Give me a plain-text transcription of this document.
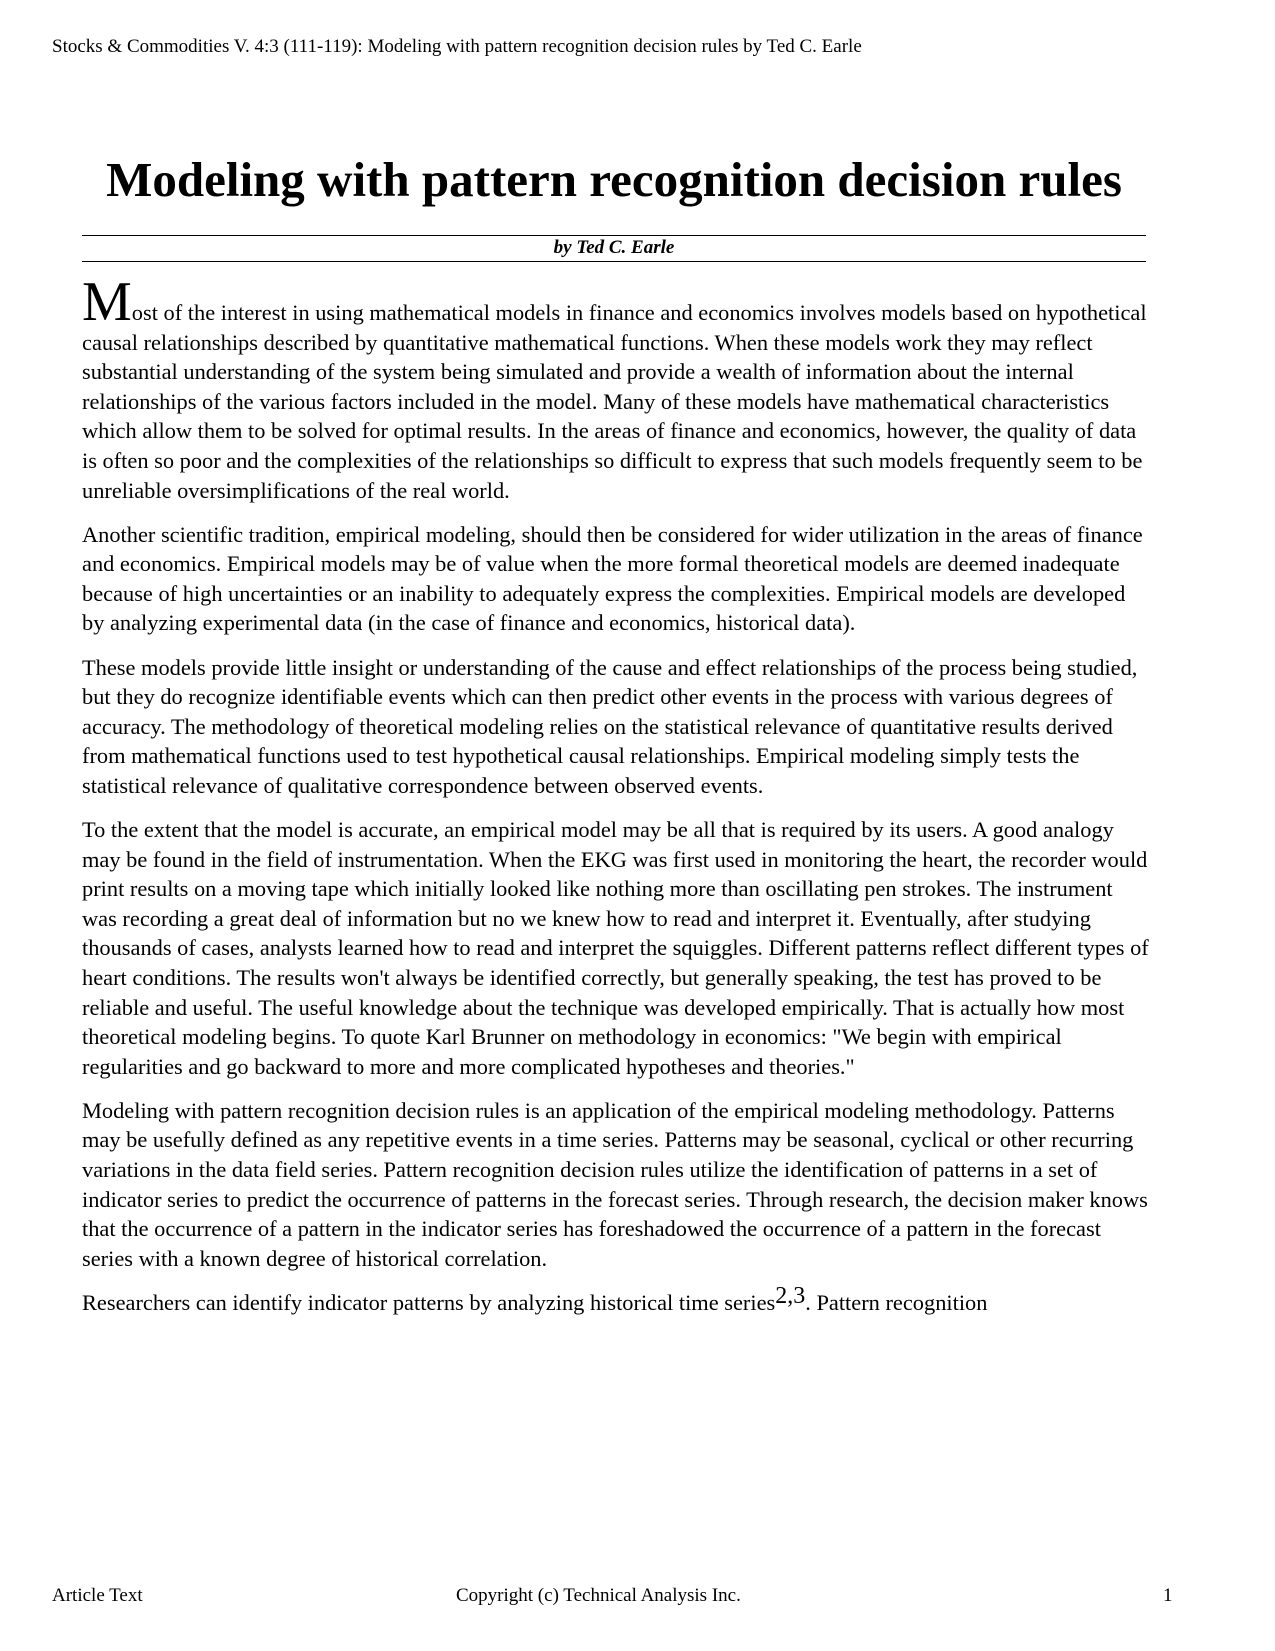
Stocks & Commodities V. 4:3 (111-119): Modeling with pattern recognition decision rules by Ted C. Earle
Modeling with pattern recognition decision rules
by Ted C. Earle

Most of the interest in using mathematical models in finance and economics involves models based on hypothetical causal relationships described by quantitative mathematical functions. When these models work they may reflect substantial understanding of the system being simulated and provide a wealth of information about the internal relationships of the various factors included in the model. Many of these models have mathematical characteristics which allow them to be solved for optimal results. In the areas of finance and economics, however, the quality of data is often so poor and the complexities of the relationships so difficult to express that such models frequently seem to be unreliable oversimplifications of the real world.

Another scientific tradition, empirical modeling, should then be considered for wider utilization in the areas of finance and economics. Empirical models may be of value when the more formal theoretical models are deemed inadequate because of high uncertainties or an inability to adequately express the complexities. Empirical models are developed by analyzing experimental data (in the case of finance and economics, historical data).

These models provide little insight or understanding of the cause and effect relationships of the process being studied, but they do recognize identifiable events which can then predict other events in the process with various degrees of accuracy. The methodology of theoretical modeling relies on the statistical relevance of quantitative results derived from mathematical functions used to test hypothetical causal relationships. Empirical modeling simply tests the statistical relevance of qualitative correspondence between observed events.

To the extent that the model is accurate, an empirical model may be all that is required by its users. A good analogy may be found in the field of instrumentation. When the EKG was first used in monitoring the heart, the recorder would print results on a moving tape which initially looked like nothing more than oscillating pen strokes. The instrument was recording a great deal of information but no we knew how to read and interpret it. Eventually, after studying thousands of cases, analysts learned how to read and interpret the squiggles. Different patterns reflect different types of heart conditions. The results won't always be identified correctly, but generally speaking, the test has proved to be reliable and useful. The useful knowledge about the technique was developed empirically. That is actually how most theoretical modeling begins. To quote Karl Brunner on methodology in economics: "We begin with empirical regularities and go backward to more and more complicated hypotheses and theories."

Modeling with pattern recognition decision rules is an application of the empirical modeling methodology. Patterns may be usefully defined as any repetitive events in a time series. Patterns may be seasonal, cyclical or other recurring variations in the data field series. Pattern recognition decision rules utilize the identification of patterns in a set of indicator series to predict the occurrence of patterns in the forecast series. Through research, the decision maker knows that the occurrence of a pattern in the indicator series has foreshadowed the occurrence of a pattern in the forecast series with a known degree of historical correlation.

Researchers can identify indicator patterns by analyzing historical time series2,3. Pattern recognition

Article Text	Copyright (c) Technical Analysis Inc.	1
